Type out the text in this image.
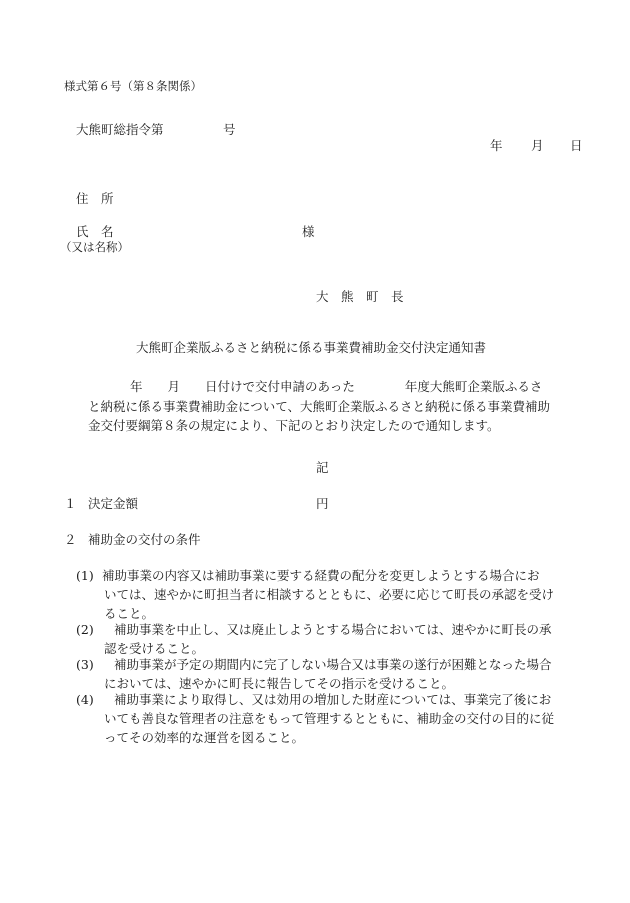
様式第６号（第８条関係）
大熊町総指令第	号
年 月 日
住　所
氏　名	様
（又は名称）
大　熊　町　長
大熊町企業版ふるさと納税に係る事業費補助金交付決定通知書
年　　月　　日付けで交付申請のあった　　　　年度大熊町企業版ふるさ
と納税に係る事業費補助金について、大熊町企業版ふるさと納税に係る事業費補助
金交付要綱第８条の規定により、下記のとおり決定したので通知します。
記
１ 決定金額	円
２ 補助金の交付の条件
(1) 補助事業の内容又は補助事業に要する経費の配分を変更しようとする場合にお
いては、速やかに町担当者に相談するとともに、必要に応じて町長の承認を受け
ること。
(2)	補助事業を中止し、又は廃止しようとする場合においては、速やかに町長の承
認を受けること。
(3)	補助事業が予定の期間内に完了しない場合又は事業の遂行が困難となった場合
においては、速やかに町長に報告してその指示を受けること。
(4)	補助事業により取得し、又は効用の増加した財産については、事業完了後にお
いても善良な管理者の注意をもって管理するとともに、補助金の交付の目的に従
ってその効率的な運営を図ること。
